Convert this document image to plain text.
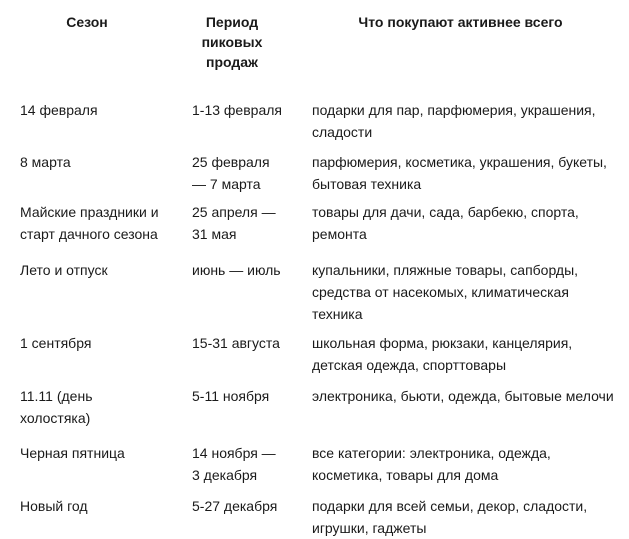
Сезон	Период пиковых продаж	Что покупают активнее всего
14 февраля	1-13 февраля	подарки для пар, парфюмерия, украшения, сладости
8 марта	25 февраля — 7 марта	парфюмерия, косметика, украшения, букеты, бытовая техника
Майские праздники и старт дачного сезона	25 апреля — 31 мая	товары для дачи, сада, барбекю, спорта, ремонта
Лето и отпуск	июнь — июль	купальники, пляжные товары, сапборды, средства от насекомых, климатическая техника
1 сентября	15-31 августа	школьная форма, рюкзаки, канцелярия, детская одежда, спорттовары
11.11 (день холостяка)	5-11 ноября	электроника, бьюти, одежда, бытовые мелочи
Черная пятница	14 ноября — 3 декабря	все категории: электроника, одежда, косметика, товары для дома
Новый год	5-27 декабря	подарки для всей семьи, декор, сладости, игрушки, гаджеты
